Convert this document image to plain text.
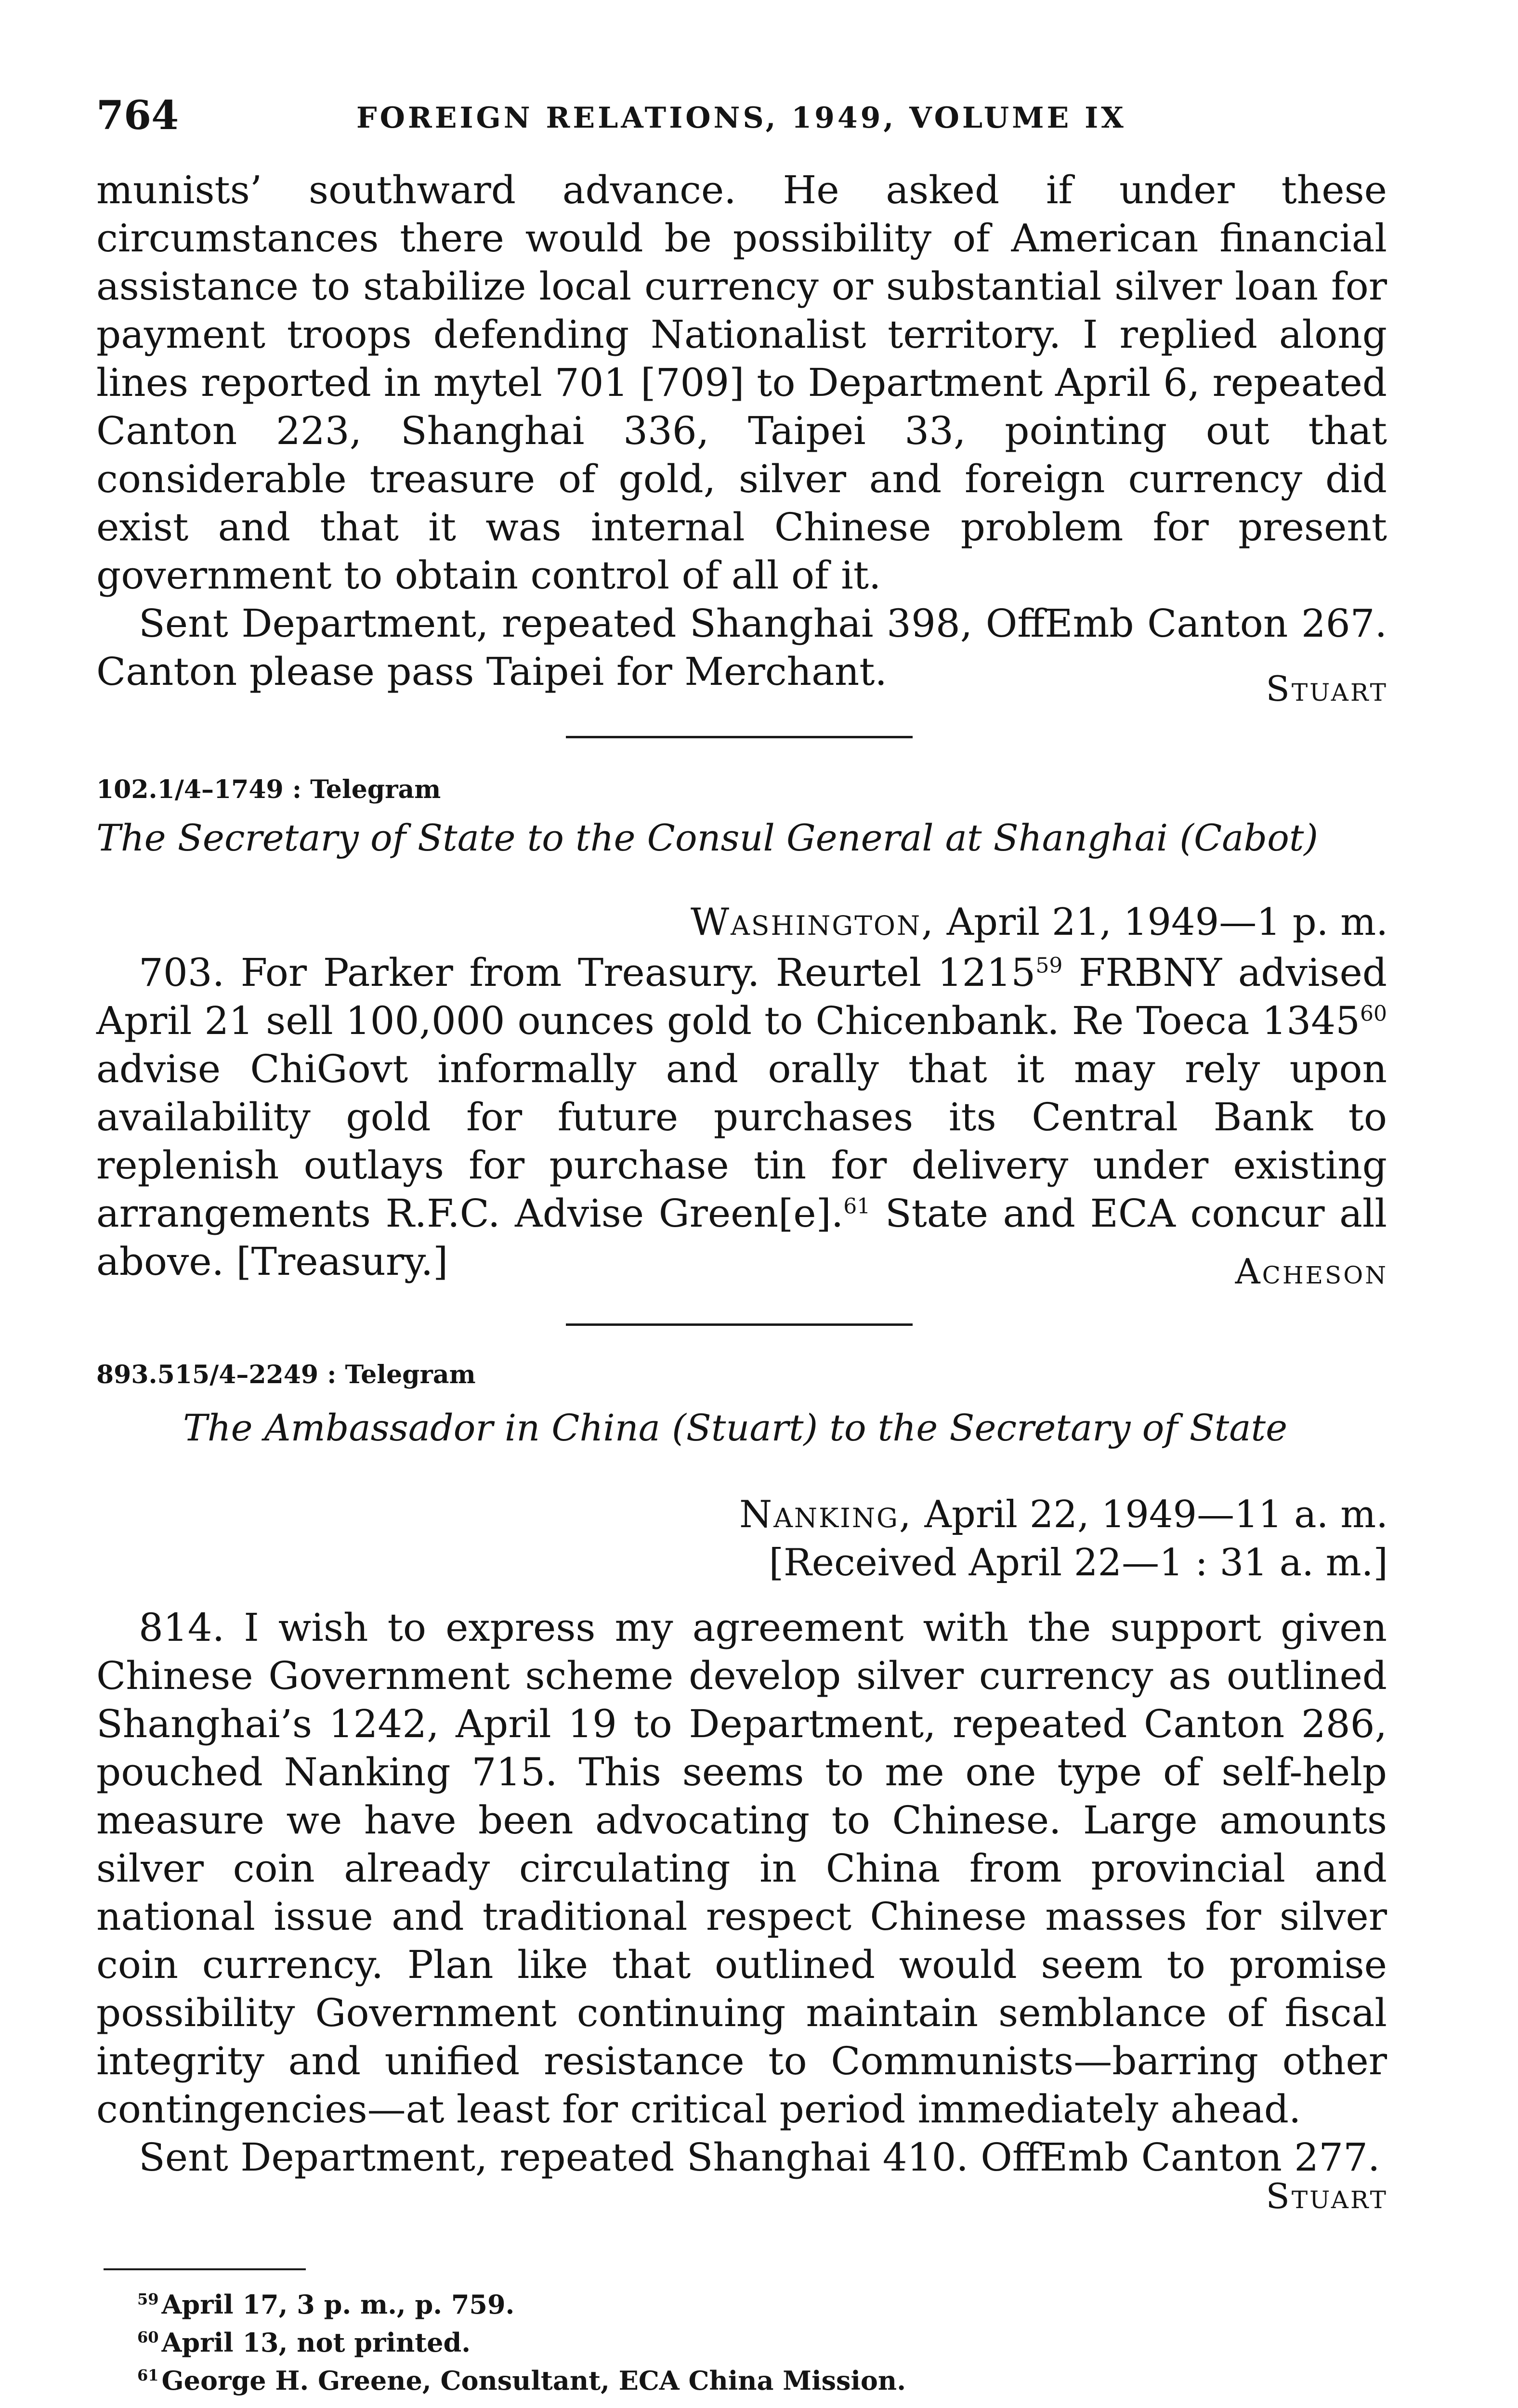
764	FOREIGN RELATIONS, 1949, VOLUME IX

munists’ southward advance. He asked if under these circumstances there would be possibility of American financial assistance to stabilize local currency or substantial silver loan for payment troops defending Nationalist territory. I replied along lines reported in mytel 701 [709] to Department April 6, repeated Canton 223, Shanghai 336, Taipei 33, pointing out that considerable treasure of gold, silver and foreign currency did exist and that it was internal Chinese problem for present government to obtain control of all of it.

Sent Department, repeated Shanghai 398, OffEmb Canton 267. Canton please pass Taipei for Merchant.	Stuart
102.1/4–1749 : Telegram
The Secretary of State to the Consul General at Shanghai (Cabot)
Washington, April 21, 1949—1 p. m.

703. For Parker from Treasury. Reurtel 1215$^{59}$ FRBNY advised April 21 sell 100,000 ounces gold to Chicenbank. Re Toeca 1345$^{60}$ advise ChiGovt informally and orally that it may rely upon availability gold for future purchases its Central Bank to replenish outlays for purchase tin for delivery under existing arrangements R.F.C. Advise Green[e].$^{61}$ State and ECA concur all above. [Treasury.]	Acheson
893.515/4–2249 : Telegram
The Ambassador in China (Stuart) to the Secretary of State
Nanking, April 22, 1949—11 a. m.
[Received April 22—1 : 31 a. m.]

814. I wish to express my agreement with the support given Chinese Government scheme develop silver currency as outlined Shanghai’s 1242, April 19 to Department, repeated Canton 286, pouched Nanking 715. This seems to me one type of self-help measure we have been advocating to Chinese. Large amounts silver coin already circulating in China from provincial and national issue and traditional respect Chinese masses for silver coin currency. Plan like that outlined would seem to promise possibility Government continuing maintain semblance of fiscal integrity and unified resistance to Communists—barring other contingencies—at least for critical period immediately ahead.

Sent Department, repeated Shanghai 410. OffEmb Canton 277.

Stuart
$^{59}$ April 17, 3 p. m., p. 759.
$^{60}$ April 13, not printed.
$^{61}$ George H. Greene, Consultant, ECA China Mission.
